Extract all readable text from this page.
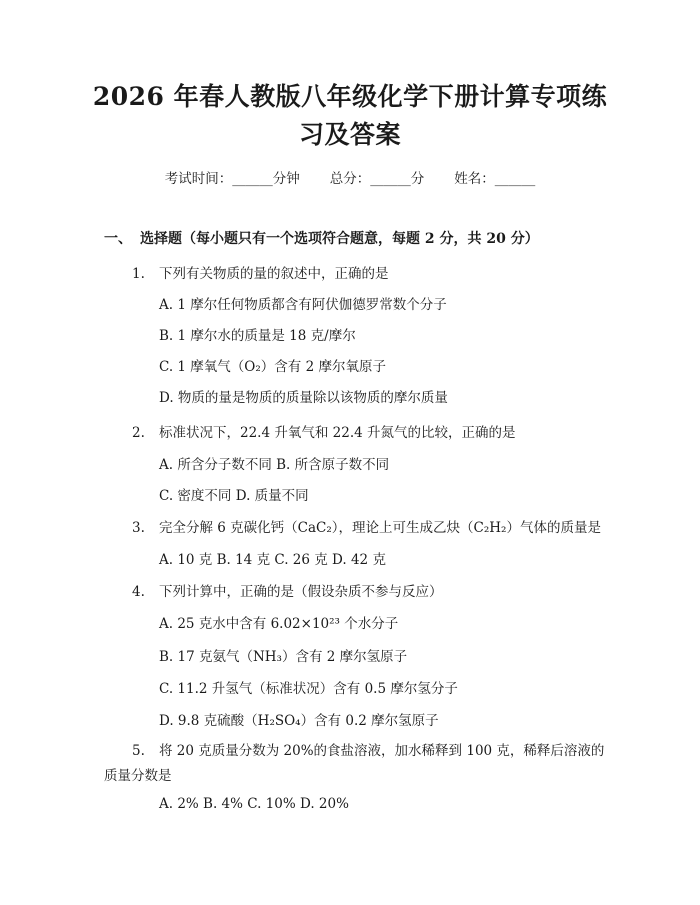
2026 年春人教版八年级化学下册计算专项练
习及答案
考试时间：______分钟 总分：______分 姓名：______
一、 选择题（每小题只有一个选项符合题意，每题 2 分，共 20 分）
1. 下列有关物质的量的叙述中，正确的是
A. 1 摩尔任何物质都含有阿伏伽德罗常数个分子
B. 1 摩尔水的质量是 18 克/摩尔
C. 1 摩氧气（O₂）含有 2 摩尔氧原子
D. 物质的量是物质的质量除以该物质的摩尔质量
2. 标准状况下，22.4 升氧气和 22.4 升氮气的比较，正确的是
A. 所含分子数不同 B. 所含原子数不同
C. 密度不同 D. 质量不同
3. 完全分解 6 克碳化钙（CaC₂），理论上可生成乙炔（C₂H₂）气体的质量是
A. 10 克 B. 14 克 C. 26 克 D. 42 克
4. 下列计算中，正确的是（假设杂质不参与反应）
A. 25 克水中含有 6.02×10²³ 个水分子
B. 17 克氨气（NH₃）含有 2 摩尔氢原子
C. 11.2 升氢气（标准状况）含有 0.5 摩尔氢分子
D. 9.8 克硫酸（H₂SO₄）含有 0.2 摩尔氢原子
5. 将 20 克质量分数为 20%的食盐溶液，加水稀释到 100 克，稀释后溶液的
质量分数是
A. 2% B. 4% C. 10% D. 20%
